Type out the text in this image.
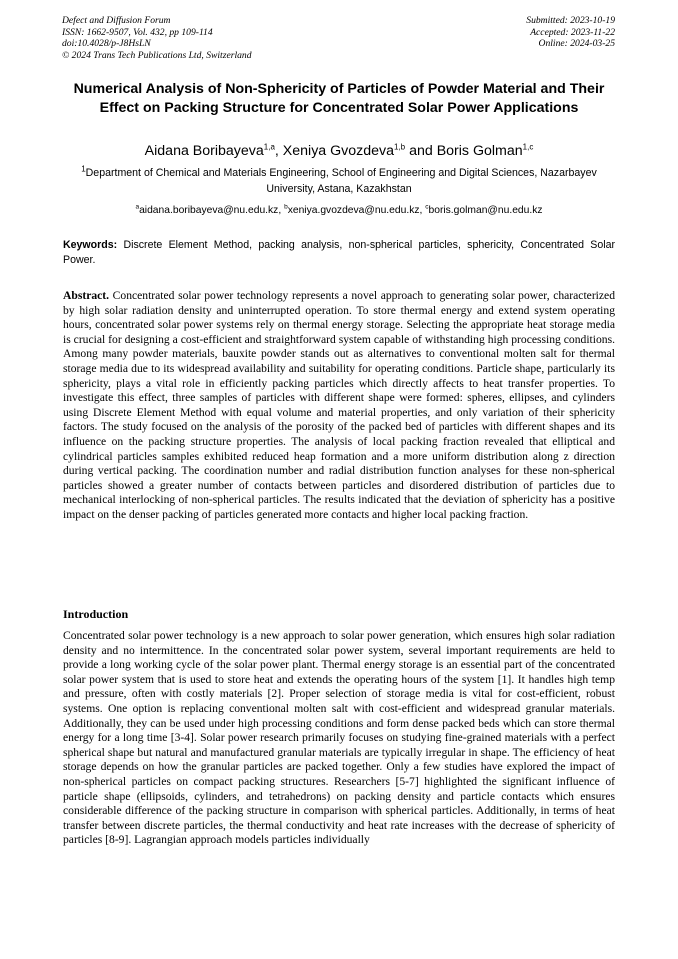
Defect and Diffusion Forum
ISSN: 1662-9507, Vol. 432, pp 109-114
doi:10.4028/p-J8HsLN
© 2024 Trans Tech Publications Ltd, Switzerland
Submitted: 2023-10-19
Accepted: 2023-11-22
Online: 2024-03-25
Numerical Analysis of Non-Sphericity of Particles of Powder Material and Their Effect on Packing Structure for Concentrated Solar Power Applications
Aidana Boribayeva$^{1,a}$, Xeniya Gvozdeva$^{1,b}$ and Boris Golman$^{1,c}$
$^1$Department of Chemical and Materials Engineering, School of Engineering and Digital Sciences, Nazarbayev University, Astana, Kazakhstan
$^a$aidana.boribayeva@nu.edu.kz, $^b$xeniya.gvozdeva@nu.edu.kz, $^c$boris.golman@nu.edu.kz
Keywords: Discrete Element Method, packing analysis, non-spherical particles, sphericity, Concentrated Solar Power.
Abstract. Concentrated solar power technology represents a novel approach to generating solar power, characterized by high solar radiation density and uninterrupted operation. To store thermal energy and extend system operating hours, concentrated solar power systems rely on thermal energy storage. Selecting the appropriate heat storage media is crucial for designing a cost-efficient and straightforward system capable of withstanding high processing conditions. Among many powder materials, bauxite powder stands out as alternatives to conventional molten salt for thermal storage media due to its widespread availability and suitability for operating conditions. Particle shape, particularly its sphericity, plays a vital role in efficiently packing particles which directly affects to heat transfer properties. To investigate this effect, three samples of particles with different shape were formed: spheres, ellipses, and cylinders using Discrete Element Method with equal volume and material properties, and only variation of their sphericity factors. The study focused on the analysis of the porosity of the packed bed of particles with different shapes and its influence on the packing structure properties. The analysis of local packing fraction revealed that elliptical and cylindrical particles samples exhibited reduced heap formation and a more uniform distribution along z direction during vertical packing. The coordination number and radial distribution function analyses for these non-spherical particles showed a greater number of contacts between particles and disordered distribution of particles due to mechanical interlocking of non-spherical particles. The results indicated that the deviation of sphericity has a positive impact on the denser packing of particles generated more contacts and higher local packing fraction.
Introduction
Concentrated solar power technology is a new approach to solar power generation, which ensures high solar radiation density and no intermittence. In the concentrated solar power system, several important requirements are held to provide a long working cycle of the solar power plant. Thermal energy storage is an essential part of the concentrated solar power system that is used to store heat and extends the operating hours of the system [1]. It handles high temp and pressure, often with costly materials [2]. Proper selection of storage media is vital for cost-efficient, robust systems. One option is replacing conventional molten salt with cost-efficient and widespread granular materials. Additionally, they can be used under high processing conditions and form dense packed beds which can store thermal energy for a long time [3-4]. Solar power research primarily focuses on studying fine-grained materials with a perfect spherical shape but natural and manufactured granular materials are typically irregular in shape. The efficiency of heat storage depends on how the granular particles are packed together. Only a few studies have explored the impact of non-spherical particles on compact packing structures. Researchers [5-7] highlighted the significant influence of particle shape (ellipsoids, cylinders, and tetrahedrons) on packing density and particle contacts which ensures considerable difference of the packing structure in comparison with spherical particles. Additionally, in terms of heat transfer between discrete particles, the thermal conductivity and heat rate increases with the decrease of sphericity of particles [8-9]. Lagrangian approach models particles individually
